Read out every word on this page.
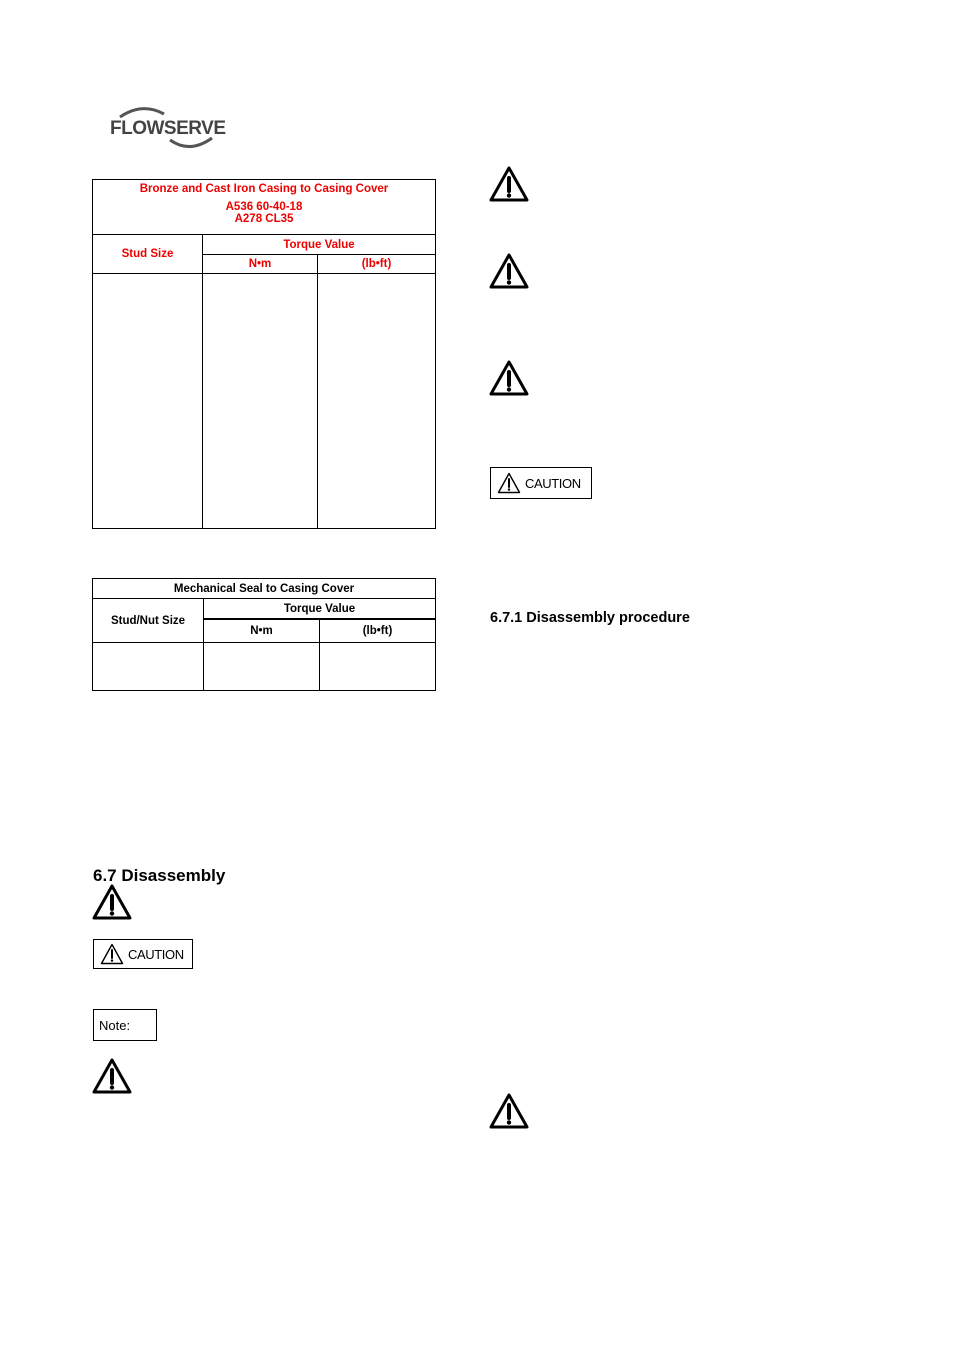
FLOWSERVE
Bronze and Cast Iron Casing to Casing Cover
A536 60-40-18
A278 CL35		

Stud Size	Torque Value	
	N•m	(lb•ft)

Mechanical Seal to Casing Cover		
Stud/Nut Size	Torque Value	
	N•m	(lb•ft)

6.7 Disassembly
CAUTION
Note:
CAUTION
6.7.1 Disassembly procedure
